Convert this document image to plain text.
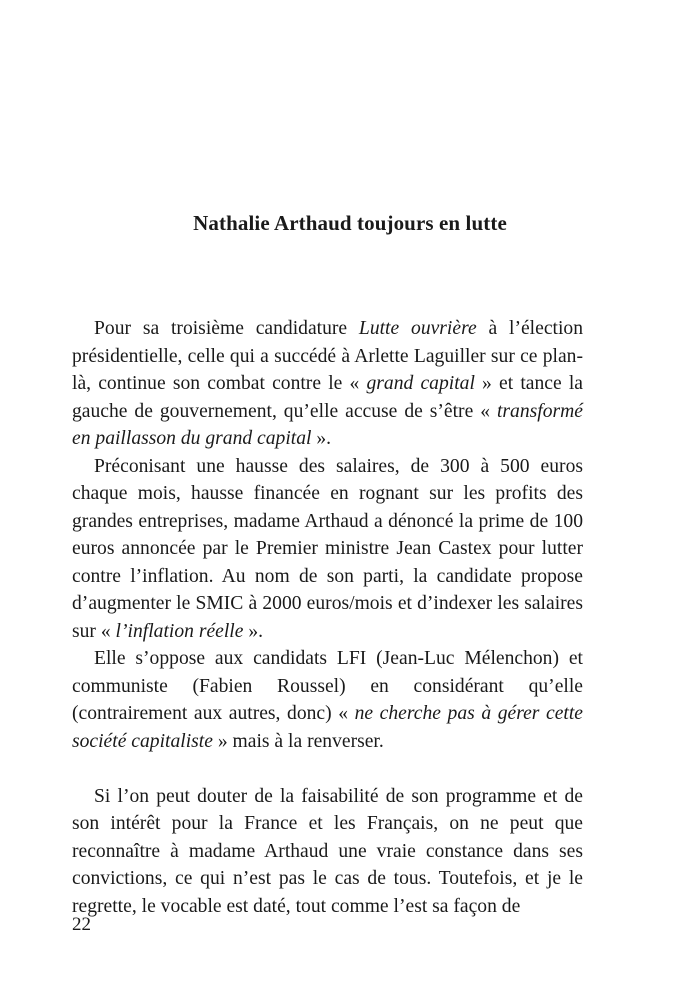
Nathalie Arthaud toujours en lutte

Pour sa troisième candidature Lutte ouvrière à l’élection présidentielle, celle qui a succédé à Arlette Laguiller sur ce plan-là, continue son combat contre le « grand capital » et tance la gauche de gouvernement, qu’elle accuse de s’être « transformé en paillasson du grand capital ».

Préconisant une hausse des salaires, de 300 à 500 euros chaque mois, hausse financée en rognant sur les profits des grandes entreprises, madame Arthaud a dénoncé la prime de 100 euros annoncée par le Premier ministre Jean Castex pour lutter contre l’inflation. Au nom de son parti, la candidate propose d’augmenter le SMIC à 2000 euros/mois et d’indexer les salaires sur « l’inflation réelle ».

Elle s’oppose aux candidats LFI (Jean-Luc Mélenchon) et communiste (Fabien Roussel) en considérant qu’elle (contrairement aux autres, donc) « ne cherche pas à gérer cette société capitaliste » mais à la renverser.

Si l’on peut douter de la faisabilité de son programme et de son intérêt pour la France et les Français, on ne peut que reconnaître à madame Arthaud une vraie constance dans ses convictions, ce qui n’est pas le cas de tous. Toutefois, et je le regrette, le vocable est daté, tout comme l’est sa façon de

22
